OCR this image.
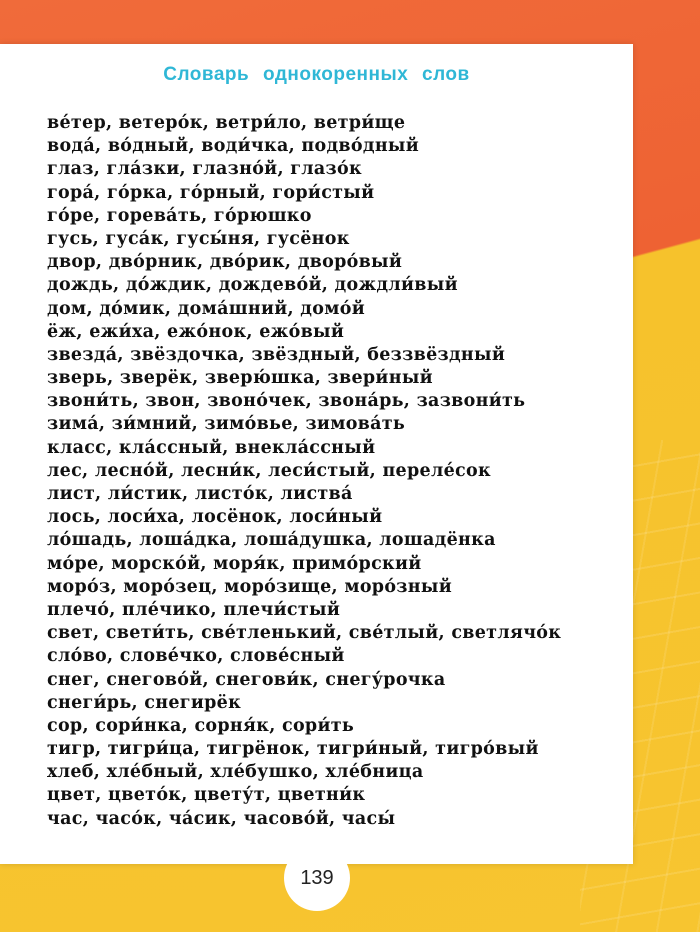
Словарь однокоренных слов
ве́тер, ветеро́к, ветри́ло, ветри́ще
вода́, во́дный, води́чка, подво́дный
глаз, гла́зки, глазно́й, глазо́к
гора́, го́рка, го́рный, гори́стый
го́ре, горева́ть, го́рюшко
гусь, гуса́к, гусы́ня, гусёнок
двор, дво́рник, дво́рик, дворо́вый
дождь, до́ждик, дождево́й, дождли́вый
дом, до́мик, дома́шний, домо́й
ёж, ежи́ха, ежо́нок, ежо́вый
звезда́, звёздочка, звёздный, беззвёздный
зверь, зверёк, звеpю́шка, звери́ный
звони́ть, звон, звоно́чек, звона́рь, зазвони́ть
зима́, зи́мний, зимо́вье, зимова́ть
класс, кла́ссный, внекла́ссный
лес, лесно́й, лесни́к, леси́стый, переле́сок
лист, ли́стик, листо́к, листва́
лось, лоси́ха, лосёнок, лоси́ный
ло́шадь, лоша́дка, лоша́душка, лошадёнка
мо́ре, морско́й, моря́к, примо́рский
моро́з, моро́зец, моро́зище, моро́зный
плечо́, пле́чико, плечи́стый
свет, свети́ть, све́тленький, све́тлый, светлячо́к
сло́во, слове́чко, слове́сный
снег, снегово́й, снегови́к, снегу́рочка
снеги́рь, снегирёк
сор, сори́нка, сорня́к, сори́ть
тигр, тигри́ца, тигрёнок, тигри́ный, тигро́вый
хлеб, хле́бный, хле́бушко, хле́бница
цвет, цвето́к, цвету́т, цветни́к
час, часо́к, ча́сик, часово́й, часы́
139
